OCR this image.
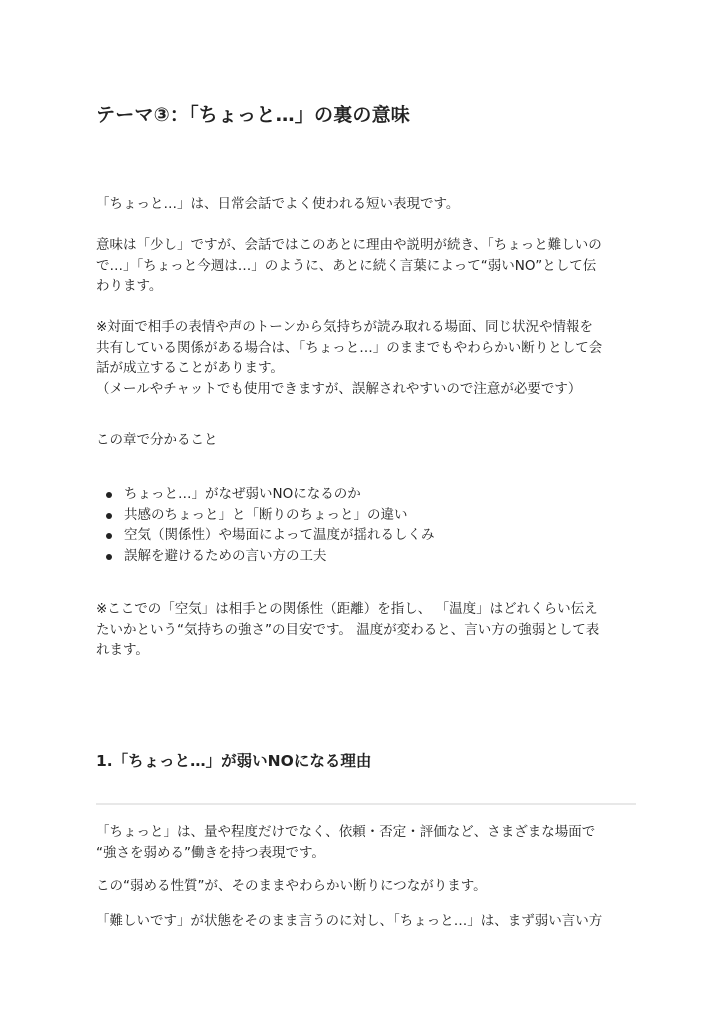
テーマ③：「ちょっと…」の裏の意味

「ちょっと…」は、日常会話でよく使われる短い表現です。

意味は「少し」ですが、会話ではこのあとに理由や説明が続き、「ちょっと難しいの
で…」「ちょっと今週は…」のように、あとに続く言葉によって“弱いNO”として伝
わります。

※対面で相手の表情や声のトーンから気持ちが読み取れる場面、同じ状況や情報を
共有している関係がある場合は、「ちょっと…」のままでもやわらかい断りとして会
話が成立することがあります。
（メールやチャットでも使用できますが、誤解されやすいので注意が必要です）

この章で分かること

ちょっと…」がなぜ弱いNOになるのか
共感のちょっと」と「断りのちょっと」の違い
空気（関係性）や場面によって温度が揺れるしくみ
誤解を避けるための言い方の工夫

※ここでの「空気」は相手との関係性（距離）を指し、 「温度」はどれくらい伝え
たいかという“気持ちの強さ”の目安です。 温度が変わると、言い方の強弱として表
れます。

1.「ちょっと…」が弱いNOになる理由

「ちょっと」は、量や程度だけでなく、依頼・否定・評価など、さまざまな場面で
“強さを弱める”働きを持つ表現です。

この“弱める性質”が、そのままやわらかい断りにつながります。

「難しいです」が状態をそのまま言うのに対し、「ちょっと…」は、まず弱い言い方
